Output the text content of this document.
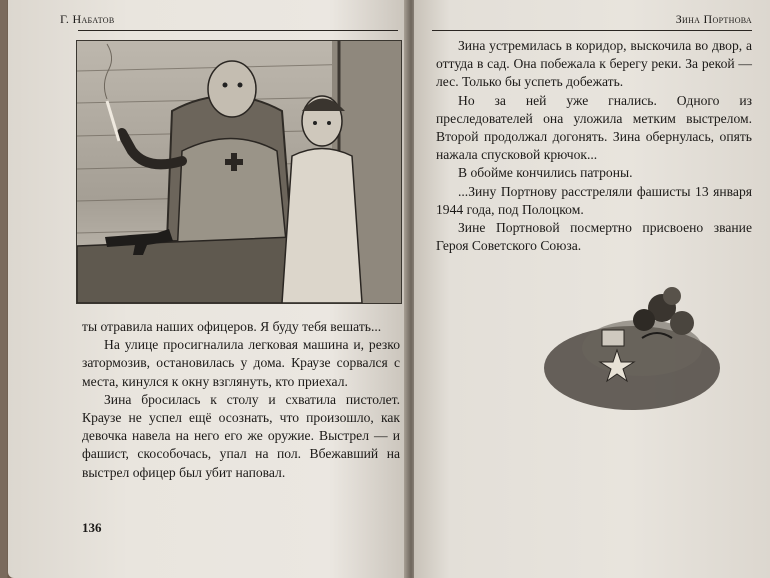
Г. Набатов

ты отравила наших офицеров. Я буду тебя вешать...

На улице просигналила легковая машина и, резко затормозив, остановилась у дома. Краузе сорвался с места, кинулся к окну взглянуть, кто приехал.

Зина бросилась к столу и схватила пистолет. Краузе не успел ещё осознать, что произошло, как девочка навела на него его же оружие. Выстрел — и фашист, скособочась, упал на пол. Вбежавший на выстрел офицер был убит наповал.

136
Зина Портнова

Зина устремилась в коридор, выскочила во двор, а оттуда в сад. Она побежала к берегу реки. За рекой — лес. Только бы успеть добежать.

Но за ней уже гнались. Одного из преследователей она уложила метким выстрелом. Второй продолжал догонять. Зина обернулась, опять нажала спусковой крючок...

В обойме кончились патроны.

...Зину Портнову расстреляли фашисты 13 января 1944 года, под Полоцком.

Зине Портновой посмертно присвоено звание Героя Советского Союза.
